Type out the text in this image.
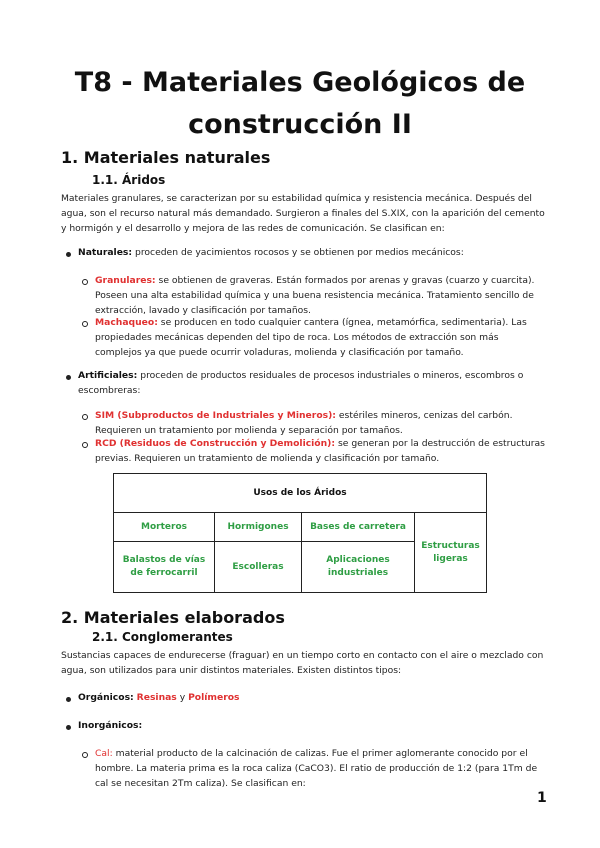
T8 - Materiales Geológicos de construcción II
1. Materiales naturales
1.1. Áridos
Materiales granulares, se caracterizan por su estabilidad química y resistencia mecánica. Después del agua, son el recurso natural más demandado. Surgieron a finales del S.XIX, con la aparición del cemento y hormigón y el desarrollo y mejora de las redes de comunicación. Se clasifican en:
Naturales: proceden de yacimientos rocosos y se obtienen por medios mecánicos:
Granulares: se obtienen de graveras. Están formados por arenas y gravas (cuarzo y cuarcita). Poseen una alta estabilidad química y una buena resistencia mecánica. Tratamiento sencillo de extracción, lavado y clasificación por tamaños.
Machaqueo: se producen en todo cualquier cantera (ígnea, metamórfica, sedimentaria). Las propiedades mecánicas dependen del tipo de roca. Los métodos de extracción son más complejos ya que puede ocurrir voladuras, molienda y clasificación por tamaño.
Artificiales: proceden de productos residuales de procesos industriales o mineros, escombros o escombreras:
SIM (Subproductos de Industriales y Mineros): estériles mineros, cenizas del carbón. Requieren un tratamiento por molienda y separación por tamaños.
RCD (Residuos de Construcción y Demolición): se generan por la destrucción de estructuras previas. Requieren un tratamiento de molienda y clasificación por tamaño.
Usos de los Áridos			
Morteros	Hormigones	Bases de carretera	Estructuras ligeras
Balastos de vías de ferrocarril	Escolleras	Aplicaciones industriales	
2. Materiales elaborados
2.1. Conglomerantes
Sustancias capaces de endurecerse (fraguar) en un tiempo corto en contacto con el aire o mezclado con agua, son utilizados para unir distintos materiales. Existen distintos tipos:
Orgánicos: Resinas y Polímeros
Inorgánicos:
Cal: material producto de la calcinación de calizas. Fue el primer aglomerante conocido por el hombre. La materia prima es la roca caliza (CaCO3). El ratio de producción de 1:2 (para 1Tm de cal se necesitan 2Tm caliza). Se clasifican en:
1
